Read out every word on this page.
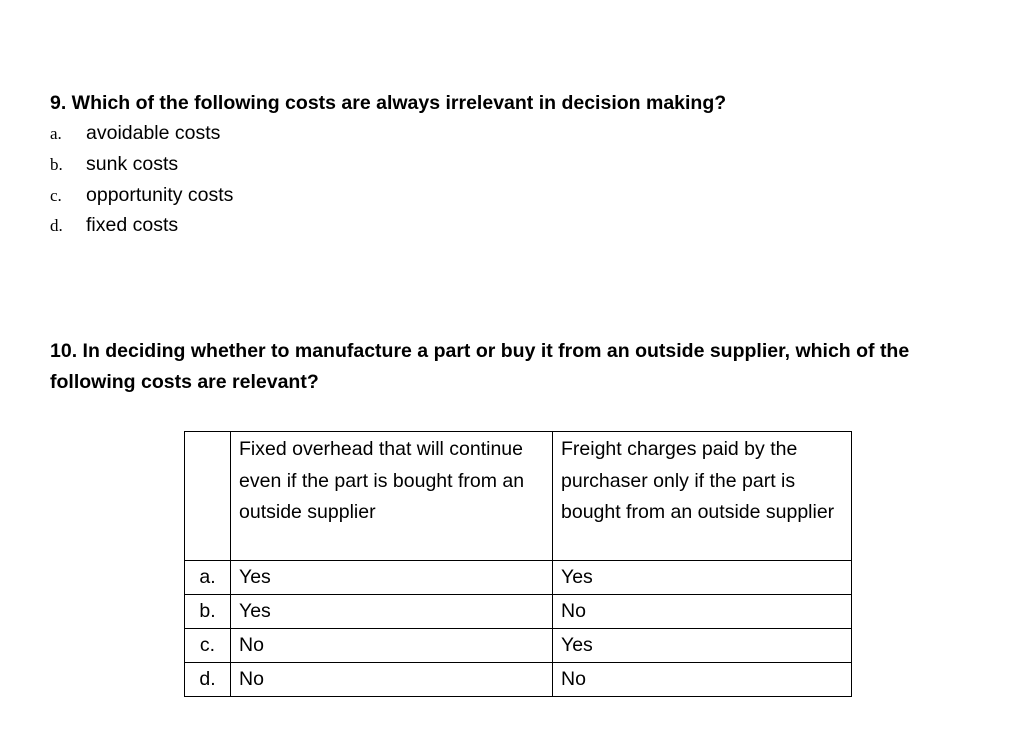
9. Which of the following costs are always irrelevant in decision making?
a. avoidable costs
b. sunk costs
c. opportunity costs
d. fixed costs
10. In deciding whether to manufacture a part or buy it from an outside supplier, which of the following costs are relevant?
	Fixed overhead that will continue even if the part is bought from an outside supplier	Freight charges paid by the purchaser only if the part is bought from an outside supplier
a.	Yes	Yes
b.	Yes	No
c.	No	Yes
d.	No	No
